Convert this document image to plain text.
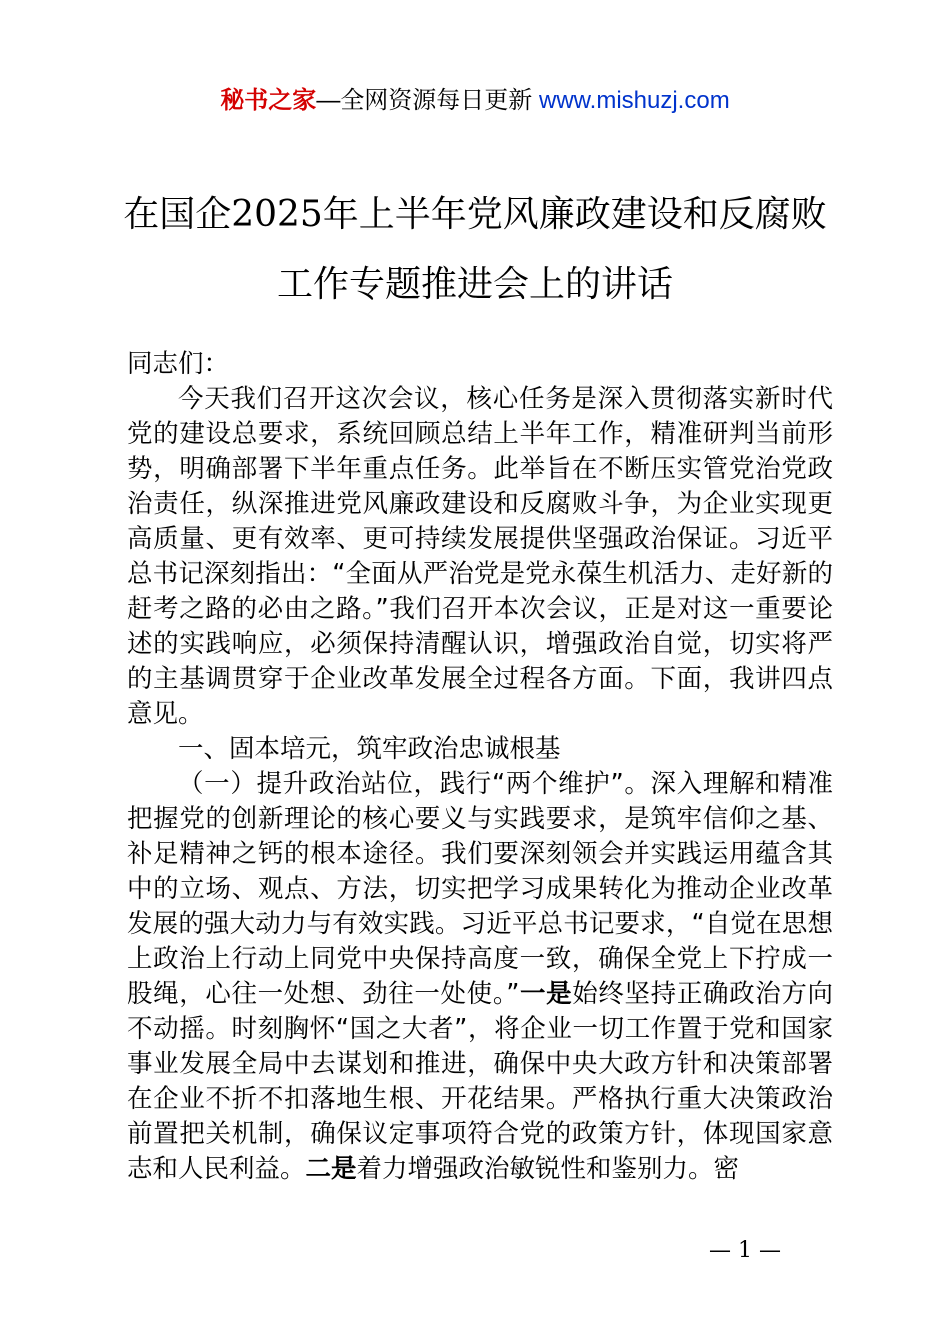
秘书之家—全网资源每日更新 www.mishuzj.com
在国企2025年上半年党风廉政建设和反腐败
工作专题推进会上的讲话

同志们：

今天我们召开这次会议，核心任务是深入贯彻落实新时代党的建设总要求，系统回顾总结上半年工作，精准研判当前形势，明确部署下半年重点任务。此举旨在不断压实管党治党政治责任，纵深推进党风廉政建设和反腐败斗争，为企业实现更高质量、更有效率、更可持续发展提供坚强政治保证。习近平总书记深刻指出：“全面从严治党是党永葆生机活力、走好新的赶考之路的必由之路。”我们召开本次会议，正是对这一重要论述的实践响应，必须保持清醒认识，增强政治自觉，切实将严的主基调贯穿于企业改革发展全过程各方面。下面，我讲四点意见。

一、固本培元，筑牢政治忠诚根基

（一）提升政治站位，践行“两个维护”。深入理解和精准把握党的创新理论的核心要义与实践要求，是筑牢信仰之基、补足精神之钙的根本途径。我们要深刻领会并实践运用蕴含其中的立场、观点、方法，切实把学习成果转化为推动企业改革发展的强大动力与有效实践。习近平总书记要求，“自觉在思想上政治上行动上同党中央保持高度一致，确保全党上下拧成一股绳，心往一处想、劲往一处使。”一是始终坚持正确政治方向不动摇。时刻胸怀“国之大者”，将企业一切工作置于党和国家事业发展全局中去谋划和推进，确保中央大政方针和决策部署在企业不折不扣落地生根、开花结果。严格执行重大决策政治前置把关机制，确保议定事项符合党的政策方针，体现国家意志和人民利益。二是着力增强政治敏锐性和鉴别力。密

— 1 —
